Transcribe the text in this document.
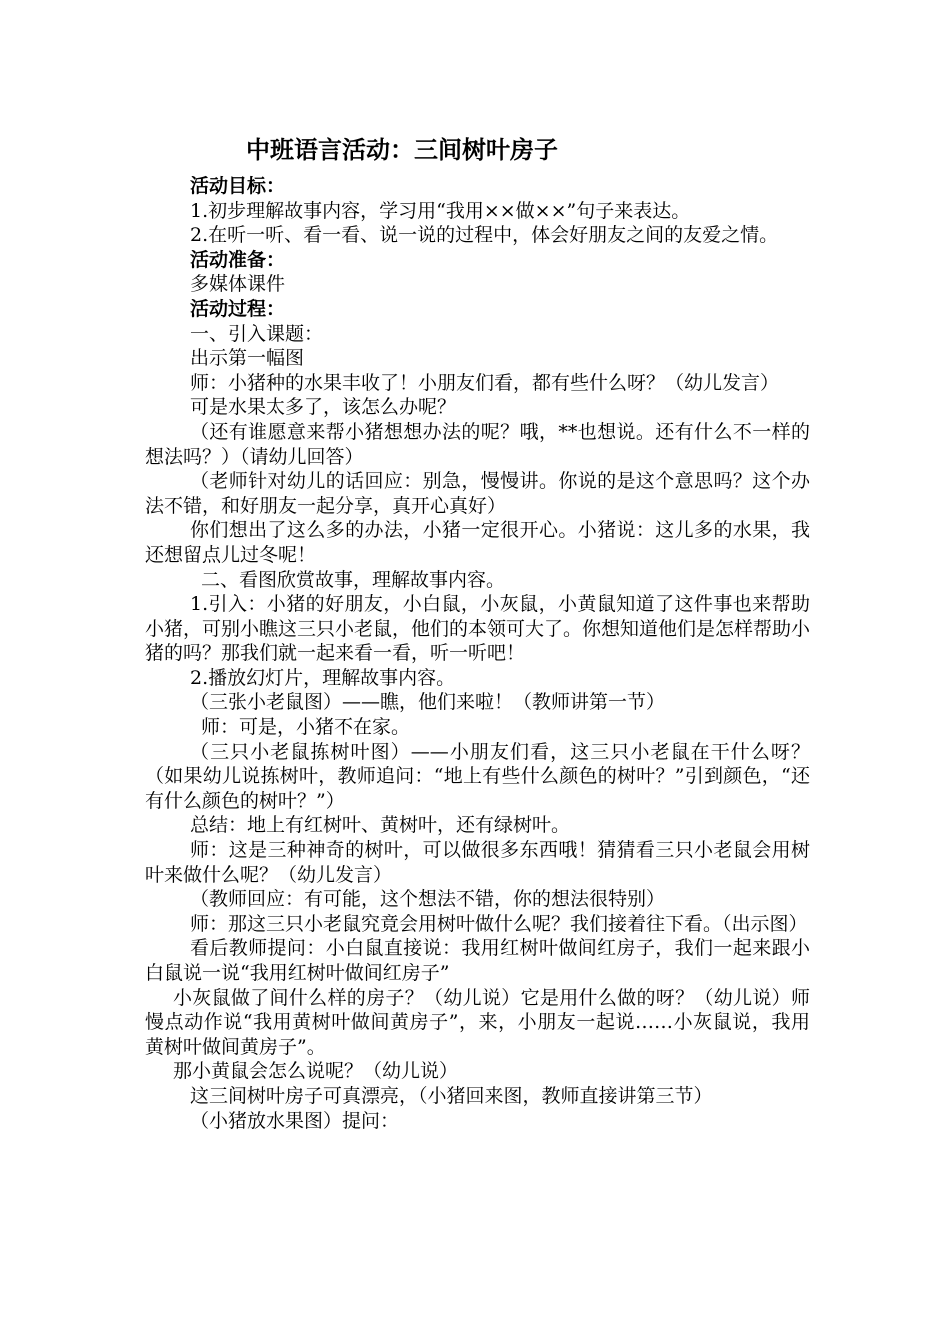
中班语言活动：三间树叶房子

活动目标：

1.初步理解故事内容，学习用“我用××做××”句子来表达。

2.在听一听、看一看、说一说的过程中，体会好朋友之间的友爱之情。

活动准备：

多媒体课件

活动过程：

一、引入课题：

出示第一幅图

师：小猪种的水果丰收了！小朋友们看，都有些什么呀？（幼儿发言）

可是水果太多了，该怎么办呢？

（还有谁愿意来帮小猪想想办法的呢？哦，**也想说。还有什么不一样的想法吗？）（请幼儿回答）

（老师针对幼儿的话回应：别急，慢慢讲。你说的是这个意思吗？这个办法不错，和好朋友一起分享，真开心真好）

你们想出了这么多的办法，小猪一定很开心。小猪说：这儿多的水果，我还想留点儿过冬呢！

二、看图欣赏故事，理解故事内容。

1.引入：小猪的好朋友，小白鼠，小灰鼠，小黄鼠知道了这件事也来帮助小猪，可别小瞧这三只小老鼠，他们的本领可大了。你想知道他们是怎样帮助小猪的吗？那我们就一起来看一看，听一听吧！

2.播放幻灯片，理解故事内容。

（三张小老鼠图）——瞧，他们来啦！（教师讲第一节）

师：可是，小猪不在家。

（三只小老鼠拣树叶图）——小朋友们看，这三只小老鼠在干什么呀？（如果幼儿说拣树叶，教师追问：“地上有些什么颜色的树叶？”引到颜色，“还有什么颜色的树叶？”）

总结：地上有红树叶、黄树叶，还有绿树叶。

师：这是三种神奇的树叶，可以做很多东西哦！猜猜看三只小老鼠会用树叶来做什么呢？（幼儿发言）

（教师回应：有可能，这个想法不错，你的想法很特别）

师：那这三只小老鼠究竟会用树叶做什么呢？我们接着往下看。（出示图）

看后教师提问：小白鼠直接说：我用红树叶做间红房子，我们一起来跟小白鼠说一说“我用红树叶做间红房子”

小灰鼠做了间什么样的房子？（幼儿说）它是用什么做的呀？（幼儿说）师慢点动作说“我用黄树叶做间黄房子”，来，小朋友一起说……小灰鼠说，我用黄树叶做间黄房子”。

那小黄鼠会怎么说呢？（幼儿说）

这三间树叶房子可真漂亮，（小猪回来图，教师直接讲第三节）

（小猪放水果图）提问：
